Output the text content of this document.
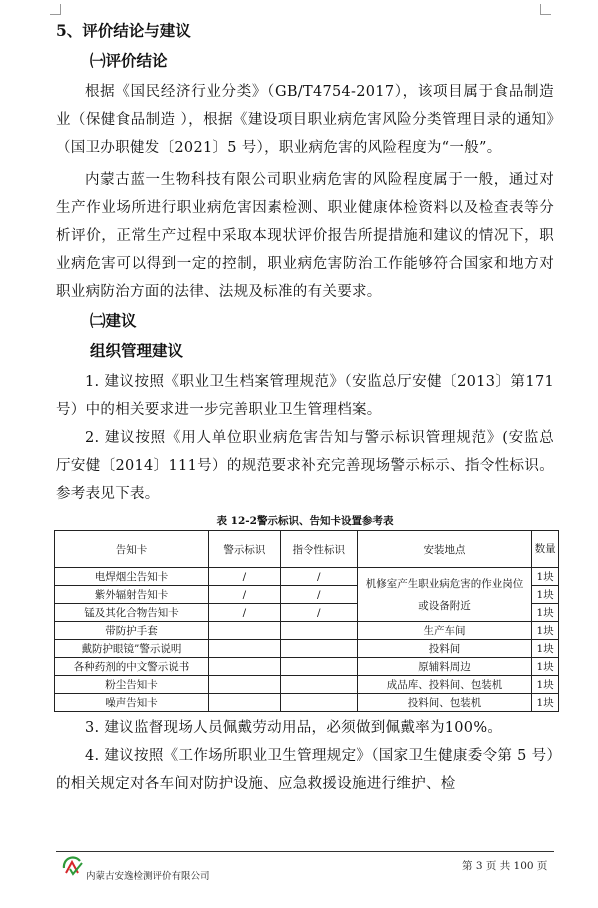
5、评价结论与建议
㈠评价结论
根据《国民经济行业分类》（GB/T4754-2017），该项目属于食品制造业（保健食品制造 ），根据《建设项目职业病危害风险分类管理目录的通知》（国卫办职健发〔2021〕5 号），职业病危害的风险程度为“一般”。
内蒙古蓝一生物科技有限公司职业病危害的风险程度属于一般，通过对生产作业场所进行职业病危害因素检测、职业健康体检资料以及检查表等分析评价，正常生产过程中采取本现状评价报告所提措施和建议的情况下，职业病危害可以得到一定的控制，职业病危害防治工作能够符合国家和地方对职业病防治方面的法律、法规及标准的有关要求。
㈡建议
组织管理建议
1. 建议按照《职业卫生档案管理规范》（安监总厅安健〔2013〕第171号）中的相关要求进一步完善职业卫生管理档案。
2. 建议按照《用人单位职业病危害告知与警示标识管理规范》(安监总厅安健〔2014〕111号）的规范要求补充完善现场警示标示、指令性标识。参考表见下表。
表 12-2警示标识、告知卡设置参考表
告知卡	警示标识	指令性标识	安装地点	数量
电焊烟尘告知卡	/	/	机修室产生职业病危害的作业岗位或设备附近	1块
紫外辐射告知卡	/	/		1块
锰及其化合物告知卡	/	/		1块
带防护手套			生产车间	1块
戴防护眼镜”警示说明			投料间	1块
各种药剂的中文警示说书			原辅料周边	1块
粉尘告知卡			成品库、投料间、包装机	1块
噪声告知卡			投料间、包装机	1块
3. 建议监督现场人员佩戴劳动用品，必须做到佩戴率为100%。
4. 建议按照《工作场所职业卫生管理规定》（国家卫生健康委令第 5 号）的相关规定对各车间对防护设施、应急救援设施进行维护、检
内蒙古安逸检测评价有限公司
第 3 页 共 100 页
